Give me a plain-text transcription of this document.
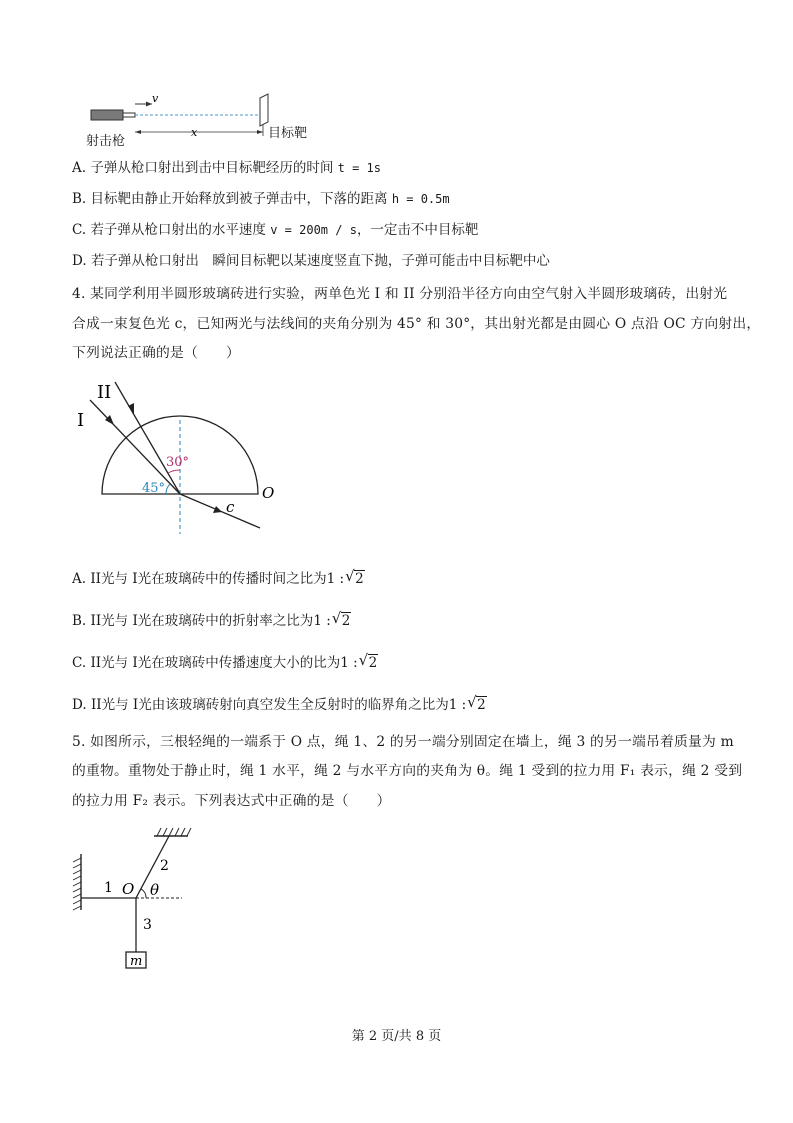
v
x
射击枪
目标靶
A. 子弹从枪口射出到击中目标靶经历的时间 t = 1s
B. 目标靶由静止开始释放到被子弹击中，下落的距离 h = 0.5m
C. 若子弹从枪口射出的水平速度 v = 200m / s，一定击不中目标靶
D. 若子弹从枪口射出　瞬间目标靶以某速度竖直下抛，子弹可能击中目标靶中心
4. 某同学利用半圆形玻璃砖进行实验，两单色光 I 和 II 分别沿半径方向由空气射入半圆形玻璃砖，出射光
合成一束复色光 c，已知两光与法线间的夹角分别为 45° 和 30°，其出射光都是由圆心 O 点沿 OC 方向射出，
下列说法正确的是（　　）
II
I
30°
45°	O
c
A. II光与 I光在玻璃砖中的传播时间之比为1 : √ 2
B. II光与 I光在玻璃砖中的折射率之比为1 : √ 2
C. II光与 I光在玻璃砖中传播速度大小的比为1 : √ 2
D. II光与 I光由该玻璃砖射向真空发生全反射时的临界角之比为1 : √ 2
5. 如图所示，三根轻绳的一端系于 O 点，绳 1、2 的另一端分别固定在墙上，绳 3 的另一端吊着质量为 m
的重物。重物处于静止时，绳 1 水平，绳 2 与水平方向的夹角为 θ。绳 1 受到的拉力用 F₁ 表示，绳 2 受到
的拉力用 F₂ 表示。下列表达式中正确的是（　　）
1
2
3
O θ
m
第 2 页/共 8 页
